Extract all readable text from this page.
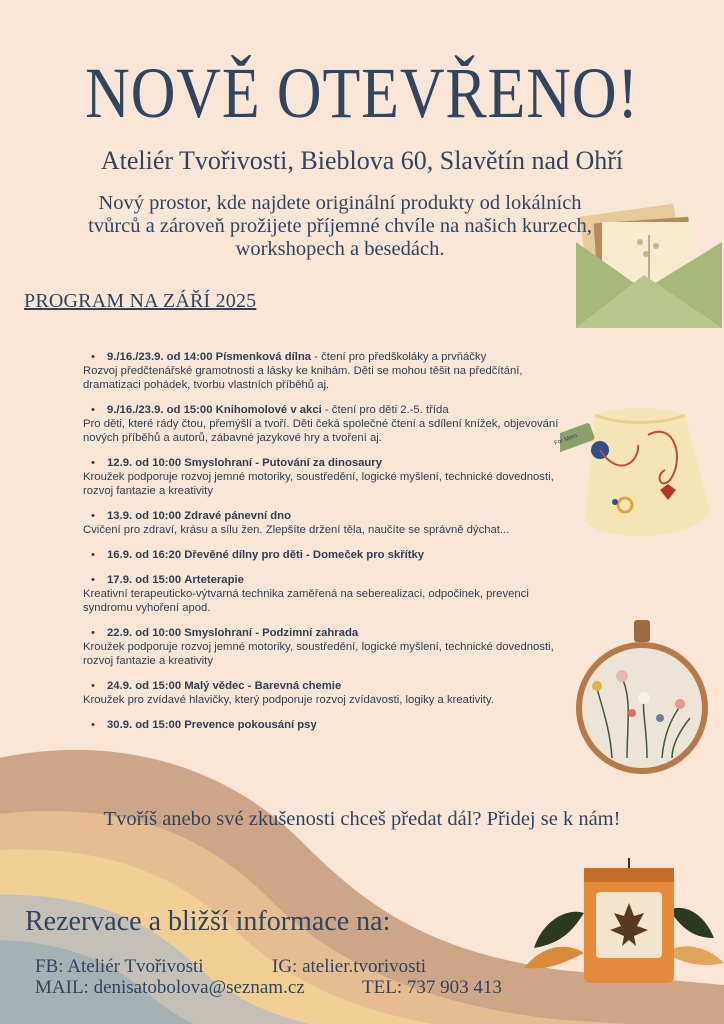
For Mom
NOVĚ OTEVŘENO!
Ateliér Tvořivosti, Bieblova 60, Slavětín nad Ohří
Nový prostor, kde najdete originální produkty od lokálních tvůrců a zároveň prožijete příjemné chvíle na našich kurzech, workshopech a besedách.
PROGRAM NA ZÁŘÍ 2025
• 9./16./23.9. od 14:00 Písmenková dílna - čtení pro předškoláky a prvňáčky
Rozvoj předčtenářské gramotnosti a lásky ke knihám. Děti se mohou těšit na předčítání, dramatizaci pohádek, tvorbu vlastních příběhů aj.
• 9./16./23.9. od 15:00 Knihomolové v akci - čtení pro děti 2.-5. třída
Pro děti, které rády čtou, přemýšlí a tvoří. Děti čeká společné čtení a sdílení knížek, objevování nových příběhů a autorů, zábavné jazykové hry a tvoření aj.
• 12.9. od 10:00 Smyslohraní - Putování za dinosaury
Kroužek podporuje rozvoj jemné motoriky, soustředění, logické myšlení, technické dovednosti, rozvoj fantazie a kreativity
• 13.9. od 10:00 Zdravé pánevní dno
Cvičení pro zdraví, krásu a sílu žen. Zlepšíte držení těla, naučíte se správně dýchat...
• 16.9. od 16:20 Dřevěné dílny pro děti - Domeček pro skřítky
• 17.9. od 15:00 Arteterapie
Kreativní terapeuticko-výtvarná technika zaměřená na seberealizaci, odpočinek, prevenci syndromu vyhoření apod.
• 22.9. od 10:00 Smyslohraní - Podzimní zahrada
Kroužek podporuje rozvoj jemné motoriky, soustředění, logické myšlení, technické dovednosti, rozvoj fantazie a kreativity
• 24.9. od 15:00 Malý vědec - Barevná chemie
Kroužek pro zvídavé hlavičky, který podporuje rozvoj zvídavosti, logiky a kreativity.
• 30.9. od 15:00 Prevence pokousání psy
Tvoříš anebo své zkušenosti chceš předat dál? Přidej se k nám!
Rezervace a bližší informace na:
FB: Ateliér Tvořivosti	IG: atelier.tvorivosti
MAIL: denisatobolova@seznam.cz	TEL: 737 903 413
